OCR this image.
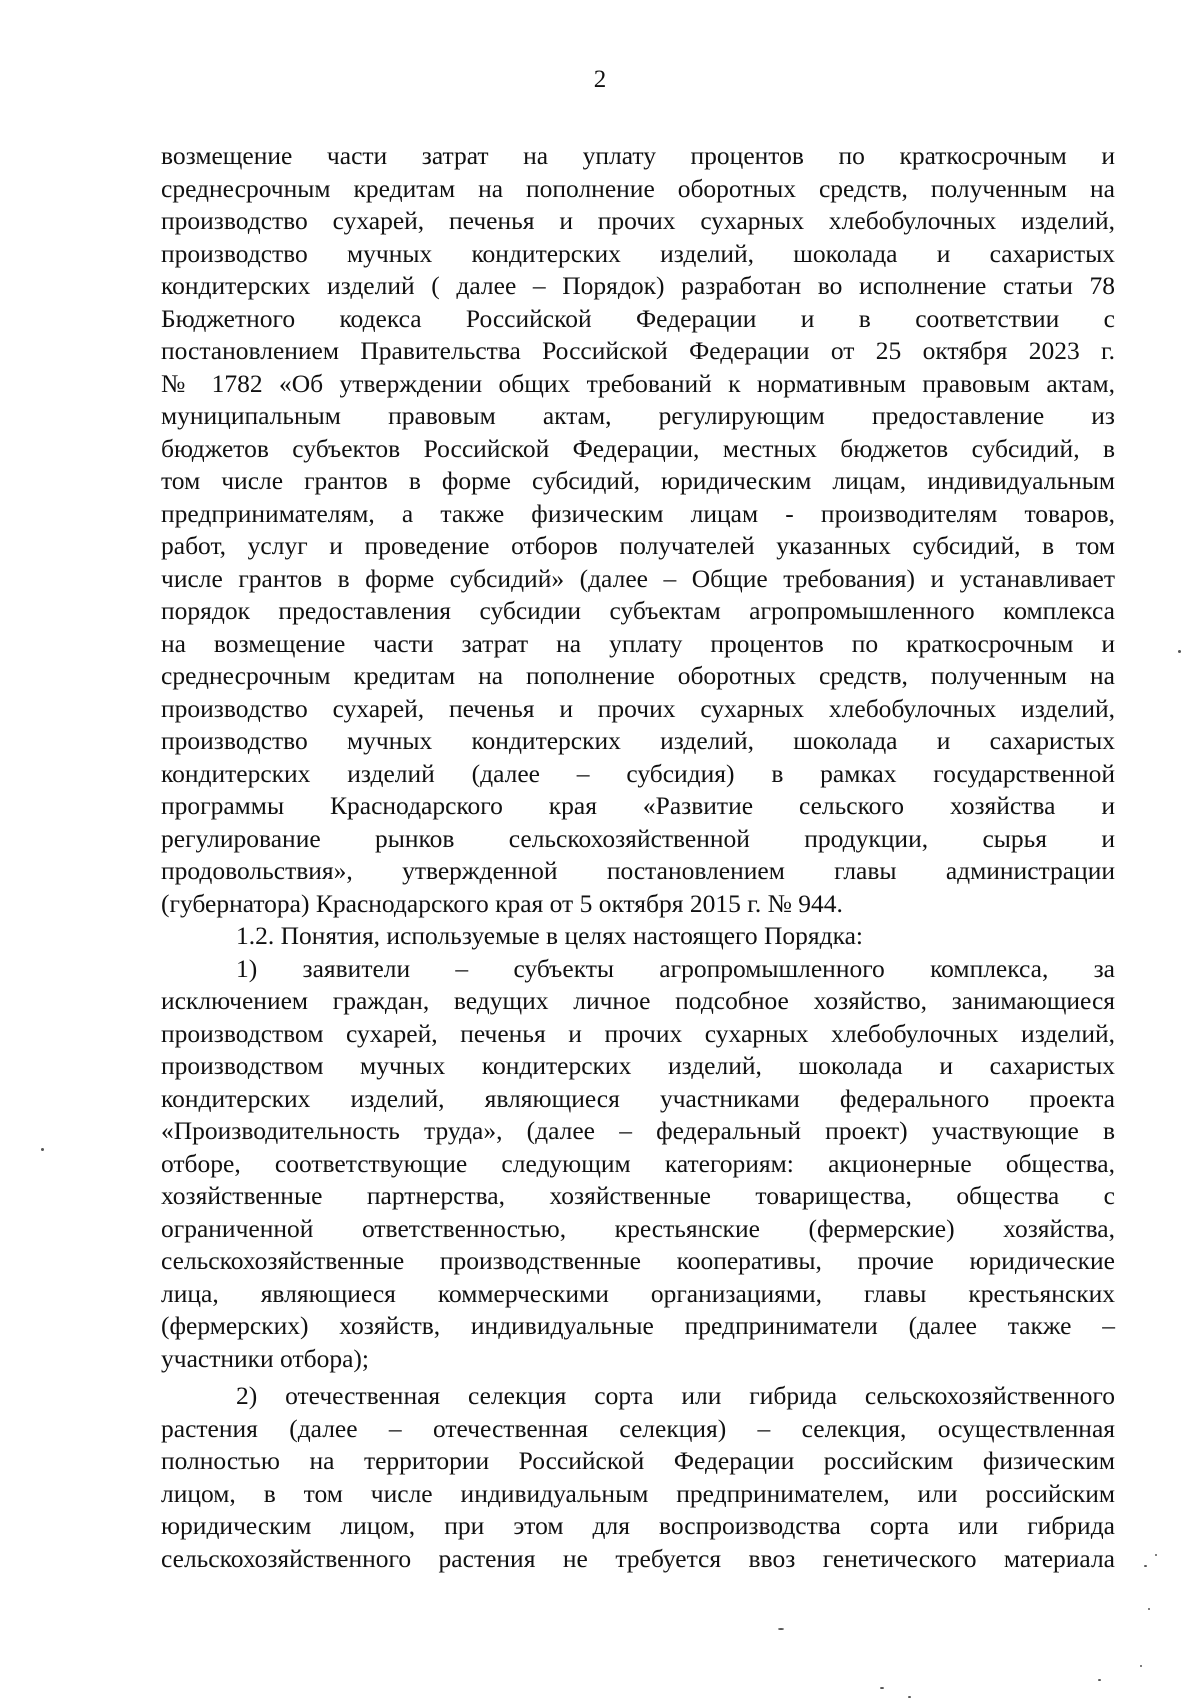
2
возмещение части затрат на уплату процентов по краткосрочным и
среднесрочным кредитам на пополнение оборотных средств, полученным на
производство сухарей, печенья и прочих сухарных хлебобулочных изделий,
производство мучных кондитерских изделий, шоколада и сахаристых
кондитерских изделий ( далее – Порядок) разработан во исполнение статьи 78
Бюджетного кодекса Российской Федерации и в соответствии с
постановлением Правительства Российской Федерации от 25 октября 2023 г.
№ 1782 «Об утверждении общих требований к нормативным правовым актам,
муниципальным правовым актам, регулирующим предоставление из
бюджетов субъектов Российской Федерации, местных бюджетов субсидий, в
том числе грантов в форме субсидий, юридическим лицам, индивидуальным
предпринимателям, а также физическим лицам - производителям товаров,
работ, услуг и проведение отборов получателей указанных субсидий, в том
числе грантов в форме субсидий» (далее – Общие требования) и устанавливает
порядок предоставления субсидии субъектам агропромышленного комплекса
на возмещение части затрат на уплату процентов по краткосрочным и
среднесрочным кредитам на пополнение оборотных средств, полученным на
производство сухарей, печенья и прочих сухарных хлебобулочных изделий,
производство мучных кондитерских изделий, шоколада и сахаристых
кондитерских изделий (далее – субсидия) в рамках государственной
программы Краснодарского края «Развитие сельского хозяйства и
регулирование рынков сельскохозяйственной продукции, сырья и
продовольствия», утвержденной постановлением главы администрации
(губернатора) Краснодарского края от 5 октября 2015 г. № 944.
1.2. Понятия, используемые в целях настоящего Порядка:
1) заявители – субъекты агропромышленного комплекса, за
исключением граждан, ведущих личное подсобное хозяйство, занимающиеся
производством сухарей, печенья и прочих сухарных хлебобулочных изделий,
производством мучных кондитерских изделий, шоколада и сахаристых
кондитерских изделий, являющиеся участниками федерального проекта
«Производительность труда», (далее – федеральный проект) участвующие в
отборе, соответствующие следующим категориям: акционерные общества,
хозяйственные партнерства, хозяйственные товарищества, общества с
ограниченной ответственностью, крестьянские (фермерские) хозяйства,
сельскохозяйственные производственные кооперативы, прочие юридические
лица, являющиеся коммерческими организациями, главы крестьянских
(фермерских) хозяйств, индивидуальные предприниматели (далее также –
участники отбора);
2) отечественная селекция сорта или гибрида сельскохозяйственного
растения (далее – отечественная селекция) – селекция, осуществленная
полностью на территории Российской Федерации российским физическим
лицом, в том числе индивидуальным предпринимателем, или российским
юридическим лицом, при этом для воспроизводства сорта или гибрида
сельскохозяйственного растения не требуется ввоз генетического материала
